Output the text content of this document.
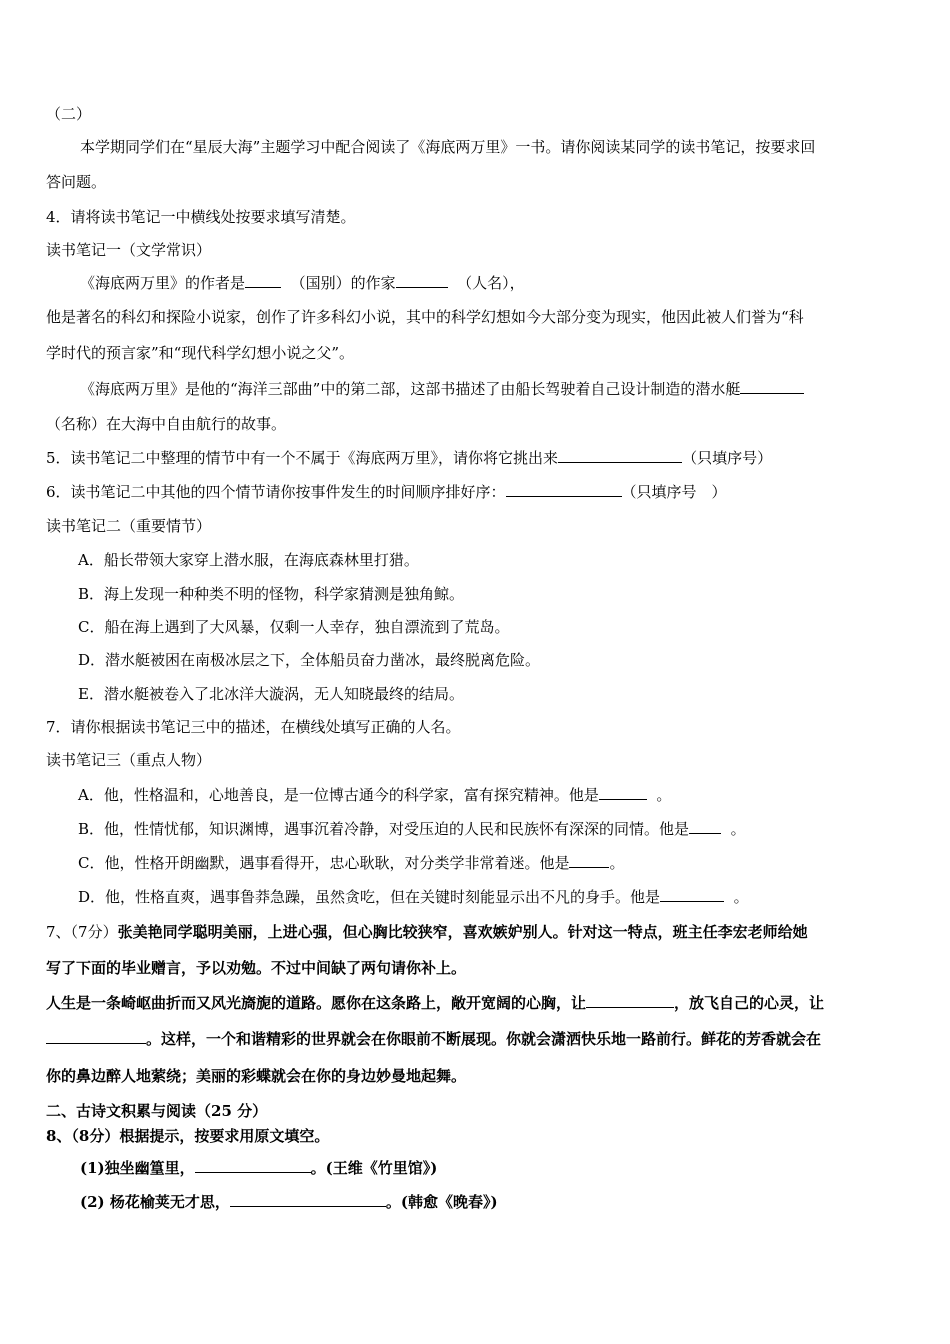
（二）
本学期同学们在“星辰大海”主题学习中配合阅读了《海底两万里》一书。请你阅读某同学的读书笔记，按要求回
答问题。
4．请将读书笔记一中横线处按要求填写清楚。
读书笔记一（文学常识）
《海底两万里》的作者是	（国别）的作家	（人名），
他是著名的科幻和探险小说家，创作了许多科幻小说，其中的科学幻想如今大部分变为现实，他因此被人们誉为“科
学时代的预言家”和“现代科学幻想小说之父”。
《海底两万里》是他的“海洋三部曲”中的第二部，这部书描述了由船长驾驶着自己设计制造的潜水艇
（名称）在大海中自由航行的故事。
5．读书笔记二中整理的情节中有一个不属于《海底两万里》，请你将它挑出来	（只填序号）
6．读书笔记二中其他的四个情节请你按事件发生的时间顺序排好序：	（只填序号　）
读书笔记二（重要情节）
A．船长带领大家穿上潜水服，在海底森林里打猎。
B．海上发现一种种类不明的怪物，科学家猜测是独角鲸。
C．船在海上遇到了大风暴，仅剩一人幸存，独自漂流到了荒岛。
D．潜水艇被困在南极冰层之下，全体船员奋力凿冰，最终脱离危险。
E．潜水艇被卷入了北冰洋大漩涡，无人知晓最终的结局。
7．请你根据读书笔记三中的描述，在横线处填写正确的人名。
读书笔记三（重点人物）
A．他，性格温和，心地善良，是一位博古通今的科学家，富有探究精神。他是	。
B．他，性情忧郁，知识渊博，遇事沉着冷静，对受压迫的人民和民族怀有深深的同情。他是	。
C．他，性格开朗幽默，遇事看得开，忠心耿耿，对分类学非常着迷。他是	。
D．他，性格直爽，遇事鲁莽急躁，虽然贪吃，但在关键时刻能显示出不凡的身手。他是	。
7、（7分）张美艳同学聪明美丽，上进心强，但心胸比较狭窄，喜欢嫉妒别人。针对这一特点，班主任李宏老师给她
写了下面的毕业赠言，予以劝勉。不过中间缺了两句请你补上。
人生是一条崎岖曲折而又风光旖旎的道路。愿你在这条路上，敞开宽阔的心胸，让	，放飞自己的心灵，让
。这样，一个和谐精彩的世界就会在你眼前不断展现。你就会潇洒快乐地一路前行。鲜花的芳香就会在
你的鼻边醉人地萦绕；美丽的彩蝶就会在你的身边妙曼地起舞。
二、古诗文积累与阅读（25 分）
8、（8分）根据提示，按要求用原文填空。
(1)独坐幽篁里，	。(王维《竹里馆》)
(2) 杨花榆荚无才思，	。(韩愈《晚春》)
